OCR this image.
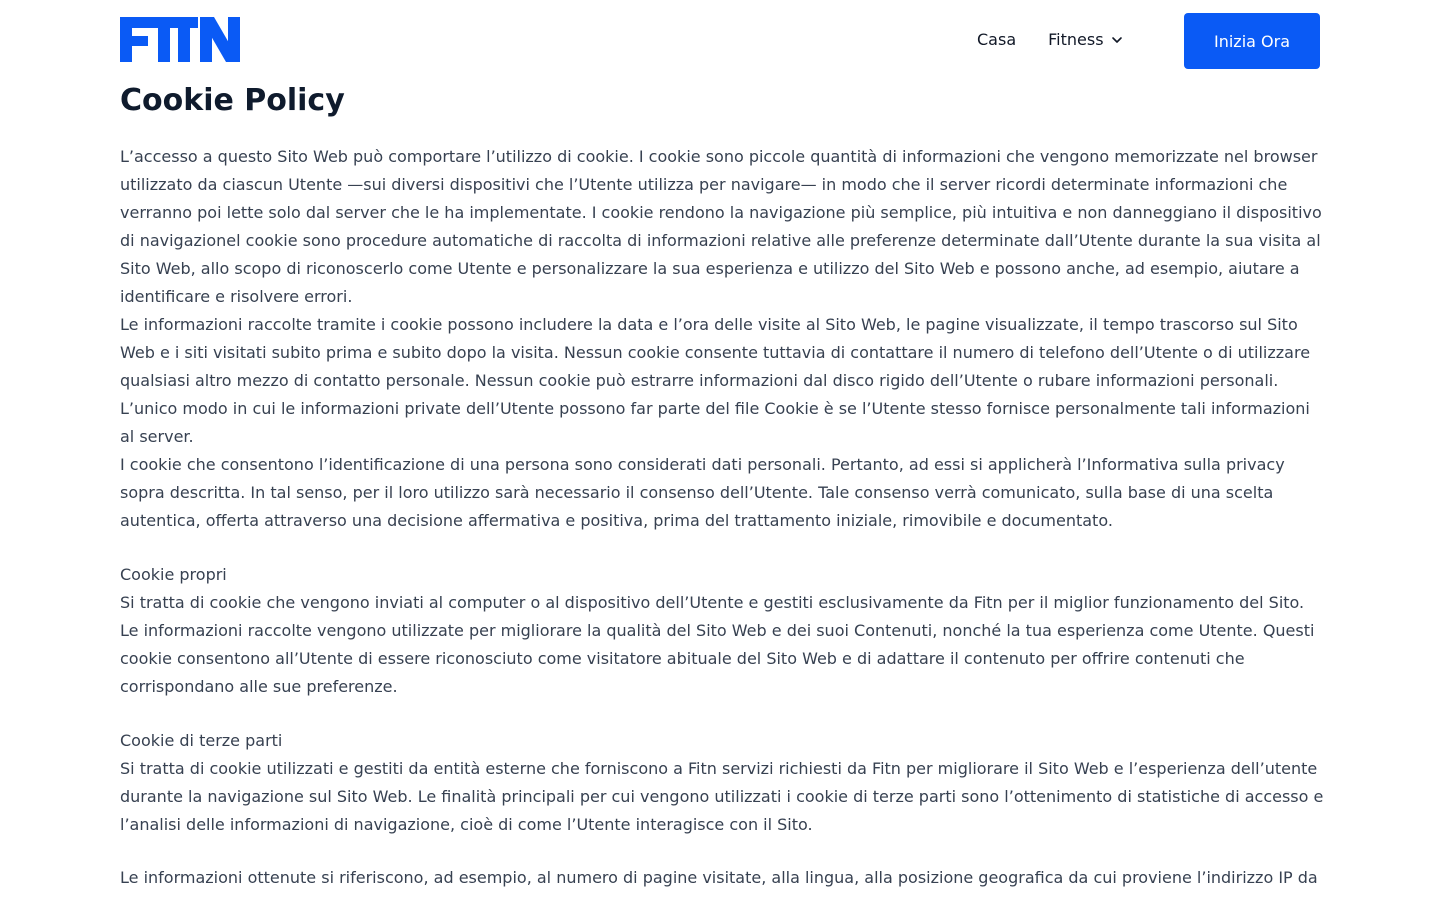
Casa Fitness	Inizia Ora
Cookie Policy

L’accesso a questo Sito Web può comportare l’utilizzo di cookie. I cookie sono piccole quantità di informazioni che vengono memorizzate nel browser utilizzato da ciascun Utente —sui diversi dispositivi che l’Utente utilizza per navigare— in modo che il server ricordi determinate informazioni che verranno poi lette solo dal server che le ha implementate. I cookie rendono la navigazione più semplice, più intuitiva e non danneggiano il dispositivo di navigazionel cookie sono procedure automatiche di raccolta di informazioni relative alle preferenze determinate dall’Utente durante la sua visita al Sito Web, allo scopo di riconoscerlo come Utente e personalizzare la sua esperienza e utilizzo del Sito Web e possono anche, ad esempio, aiutare a identificare e risolvere errori.

Le informazioni raccolte tramite i cookie possono includere la data e l’ora delle visite al Sito Web, le pagine visualizzate, il tempo trascorso sul Sito Web e i siti visitati subito prima e subito dopo la visita. Nessun cookie consente tuttavia di contattare il numero di telefono dell’Utente o di utilizzare qualsiasi altro mezzo di contatto personale. Nessun cookie può estrarre informazioni dal disco rigido dell’Utente o rubare informazioni personali. L’unico modo in cui le informazioni private dell’Utente possono far parte del file Cookie è se l’Utente stesso fornisce personalmente tali informazioni al server.

I cookie che consentono l’identificazione di una persona sono considerati dati personali. Pertanto, ad essi si applicherà l’Informativa sulla privacy sopra descritta. In tal senso, per il loro utilizzo sarà necessario il consenso dell’Utente. Tale consenso verrà comunicato, sulla base di una scelta autentica, offerta attraverso una decisione affermativa e positiva, prima del trattamento iniziale, rimovibile e documentato.

Cookie propri

Si tratta di cookie che vengono inviati al computer o al dispositivo dell’Utente e gestiti esclusivamente da Fitn per il miglior funzionamento del Sito. Le informazioni raccolte vengono utilizzate per migliorare la qualità del Sito Web e dei suoi Contenuti, nonché la tua esperienza come Utente. Questi cookie consentono all’Utente di essere riconosciuto come visitatore abituale del Sito Web e di adattare il contenuto per offrire contenuti che corrispondano alle sue preferenze.

Cookie di terze parti

Si tratta di cookie utilizzati e gestiti da entità esterne che forniscono a Fitn servizi richiesti da Fitn per migliorare il Sito Web e l’esperienza dell’utente durante la navigazione sul Sito Web. Le finalità principali per cui vengono utilizzati i cookie di terze parti sono l’ottenimento di statistiche di accesso e l’analisi delle informazioni di navigazione, cioè di come l’Utente interagisce con il Sito.

Le informazioni ottenute si riferiscono, ad esempio, al numero di pagine visitate, alla lingua, alla posizione geografica da cui proviene l’indirizzo IP da
